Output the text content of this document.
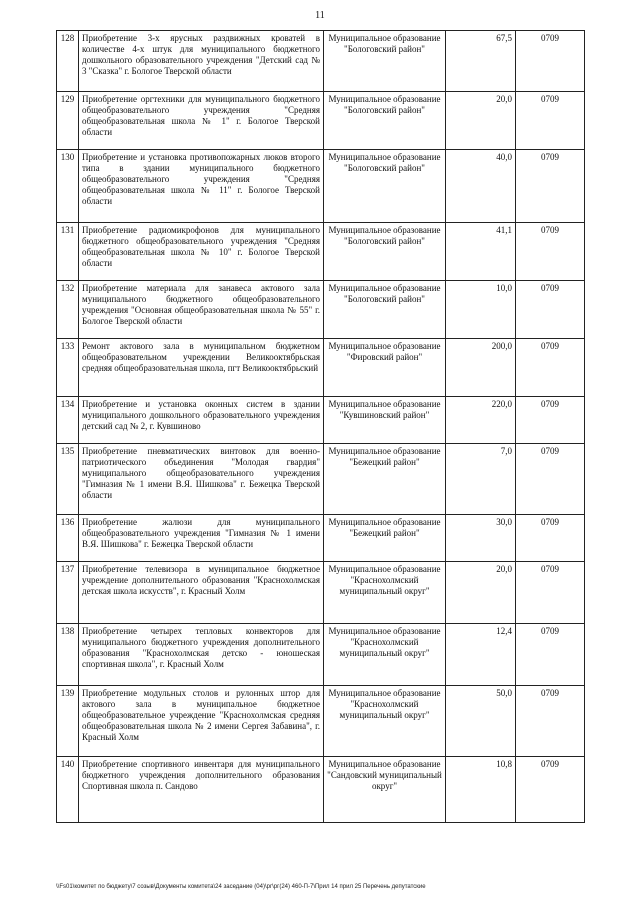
11
128	Приобретение 3-х ярусных раздвижных кроватей в количестве 4-х штук для муниципального бюджетного дошкольного образовательного учреждения "Детский сад № 3 "Сказка" г. Бологое Тверской области	Муниципальное образование "Бологовский район"	67,5	0709
129	Приобретение оргтехники для муниципального бюджетного общеобразовательного учреждения "Средняя общеобразовательная школа № 1" г. Бологое Тверской области	Муниципальное образование "Бологовский район"	20,0	0709
130	Приобретение и установка противопожарных люков второго типа в здании муниципального бюджетного общеобразовательного учреждения "Средняя общеобразовательная школа № 11" г. Бологое Тверской области	Муниципальное образование "Бологовский район"	40,0	0709
131	Приобретение радиомикрофонов для муниципального бюджетного общеобразовательного учреждения "Средняя общеобразовательная школа № 10" г. Бологое Тверской области	Муниципальное образование "Бологовский район"	41,1	0709
132	Приобретение материала для занавеса актового зала муниципального бюджетного общеобразовательного учреждения "Основная общеобразовательная школа № 55" г. Бологое Тверской области	Муниципальное образование "Бологовский район"	10,0	0709
133	Ремонт актового зала в муниципальном бюджетном общеобразовательном учреждении Великооктябрьская средняя общеобразовательная школа, пгт Великооктябрьский	Муниципальное образование "Фировский район"	200,0	0709
134	Приобретение и установка оконных систем в здании муниципального дошкольного образовательного учреждения детский сад № 2, г. Кувшиново	Муниципальное образование "Кувшиновский район"	220,0	0709
135	Приобретение пневматических винтовок для военно-патриотического объединения "Молодая гвардия" муниципального общеобразовательного учреждения "Гимназия № 1 имени В.Я. Шишкова" г. Бежецка Тверской области	Муниципальное образование "Бежецкий район"	7,0	0709
136	Приобретение жалюзи для муниципального общеобразовательного учреждения "Гимназия № 1 имени В.Я. Шишкова" г. Бежецка Тверской области	Муниципальное образование "Бежецкий район"	30,0	0709
137	Приобретение телевизора в муниципальное бюджетное учреждение дополнительного образования "Краснохолмская детская школа искусств", г. Красный Холм	Муниципальное образование "Краснохолмский муниципальный округ"	20,0	0709
138	Приобретение четырех тепловых конвекторов для муниципального бюджетного учреждения дополнительного образования "Краснохолмская детско - юношеская спортивная школа", г. Красный Холм	Муниципальное образование "Краснохолмский муниципальный округ"	12,4	0709
139	Приобретение модульных столов и рулонных штор для актового зала в муниципальное бюджетное общеобразовательное учреждение "Краснохолмская средняя общеобразовательная школа № 2 имени Сергея Забавина", г. Красный Холм	Муниципальное образование "Краснохолмский муниципальный округ"	50,0	0709
140	Приобретение спортивного инвентаря для муниципального бюджетного учреждения дополнительного образования Спортивная школа п. Сандово	Муниципальное образование "Сандовский муниципальный округ"	10,8	0709
\\Fs01\комитет по бюджету\7 созыв\Документы комитета\24 заседание (04)\рг\рг(24) 460-П-7\Прил 14 прил 25 Перечень депутатские
